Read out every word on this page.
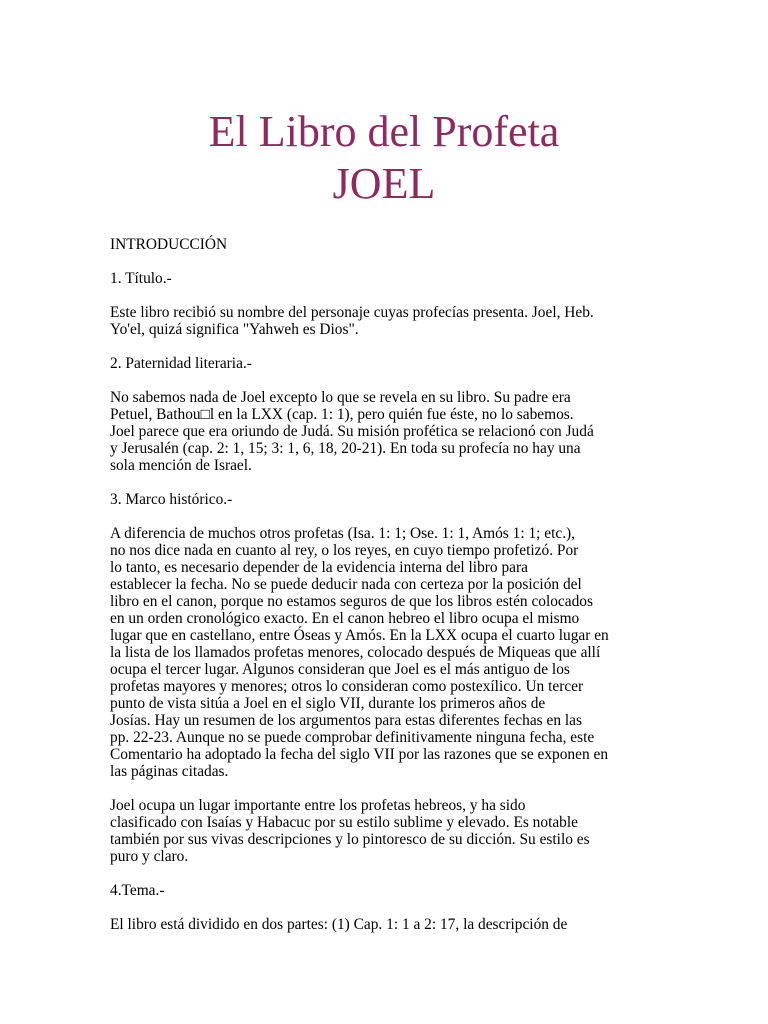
El Libro del Profeta
JOEL
INTRODUCCIÓN
1. Título.-
Este libro recibió su nombre del personaje cuyas profecías presenta. Joel, Heb.
Yo'el, quizá significa "Yahweh es Dios".
2. Paternidad literaria.-
No sabemos nada de Joel excepto lo que se revela en su libro. Su padre era
Petuel, Bathou□l en la LXX (cap. 1: 1), pero quién fue éste, no lo sabemos.
Joel parece que era oriundo de Judá. Su misión profética se relacionó con Judá
y Jerusalén (cap. 2: 1, 15; 3: 1, 6, 18, 20-21). En toda su profecía no hay una
sola mención de Israel.
3. Marco histórico.-
A diferencia de muchos otros profetas (Isa. 1: 1; Ose. 1: 1, Amós 1: 1; etc.),
no nos dice nada en cuanto al rey, o los reyes, en cuyo tiempo profetizó. Por
lo tanto, es necesario depender de la evidencia interna del libro para
establecer la fecha. No se puede deducir nada con certeza por la posición del
libro en el canon, porque no estamos seguros de que los libros estén colocados
en un orden cronológico exacto. En el canon hebreo el libro ocupa el mismo
lugar que en castellano, entre Óseas y Amós. En la LXX ocupa el cuarto lugar en
la lista de los llamados profetas menores, colocado después de Miqueas que allí
ocupa el tercer lugar. Algunos consideran que Joel es el más antiguo de los
profetas mayores y menores; otros lo consideran como postexílico. Un tercer
punto de vista sitúa a Joel en el siglo VII, durante los primeros años de
Josías. Hay un resumen de los argumentos para estas diferentes fechas en las
pp. 22-23. Aunque no se puede comprobar definitivamente ninguna fecha, este
Comentario ha adoptado la fecha del siglo VII por las razones que se exponen en
las páginas citadas.
Joel ocupa un lugar importante entre los profetas hebreos, y ha sido
clasificado con Isaías y Habacuc por su estilo sublime y elevado. Es notable
también por sus vivas descripciones y lo pintoresco de su dicción. Su estilo es
puro y claro.
4.Tema.-
El libro está dividido en dos partes: (1) Cap. 1: 1 a 2: 17, la descripción de
